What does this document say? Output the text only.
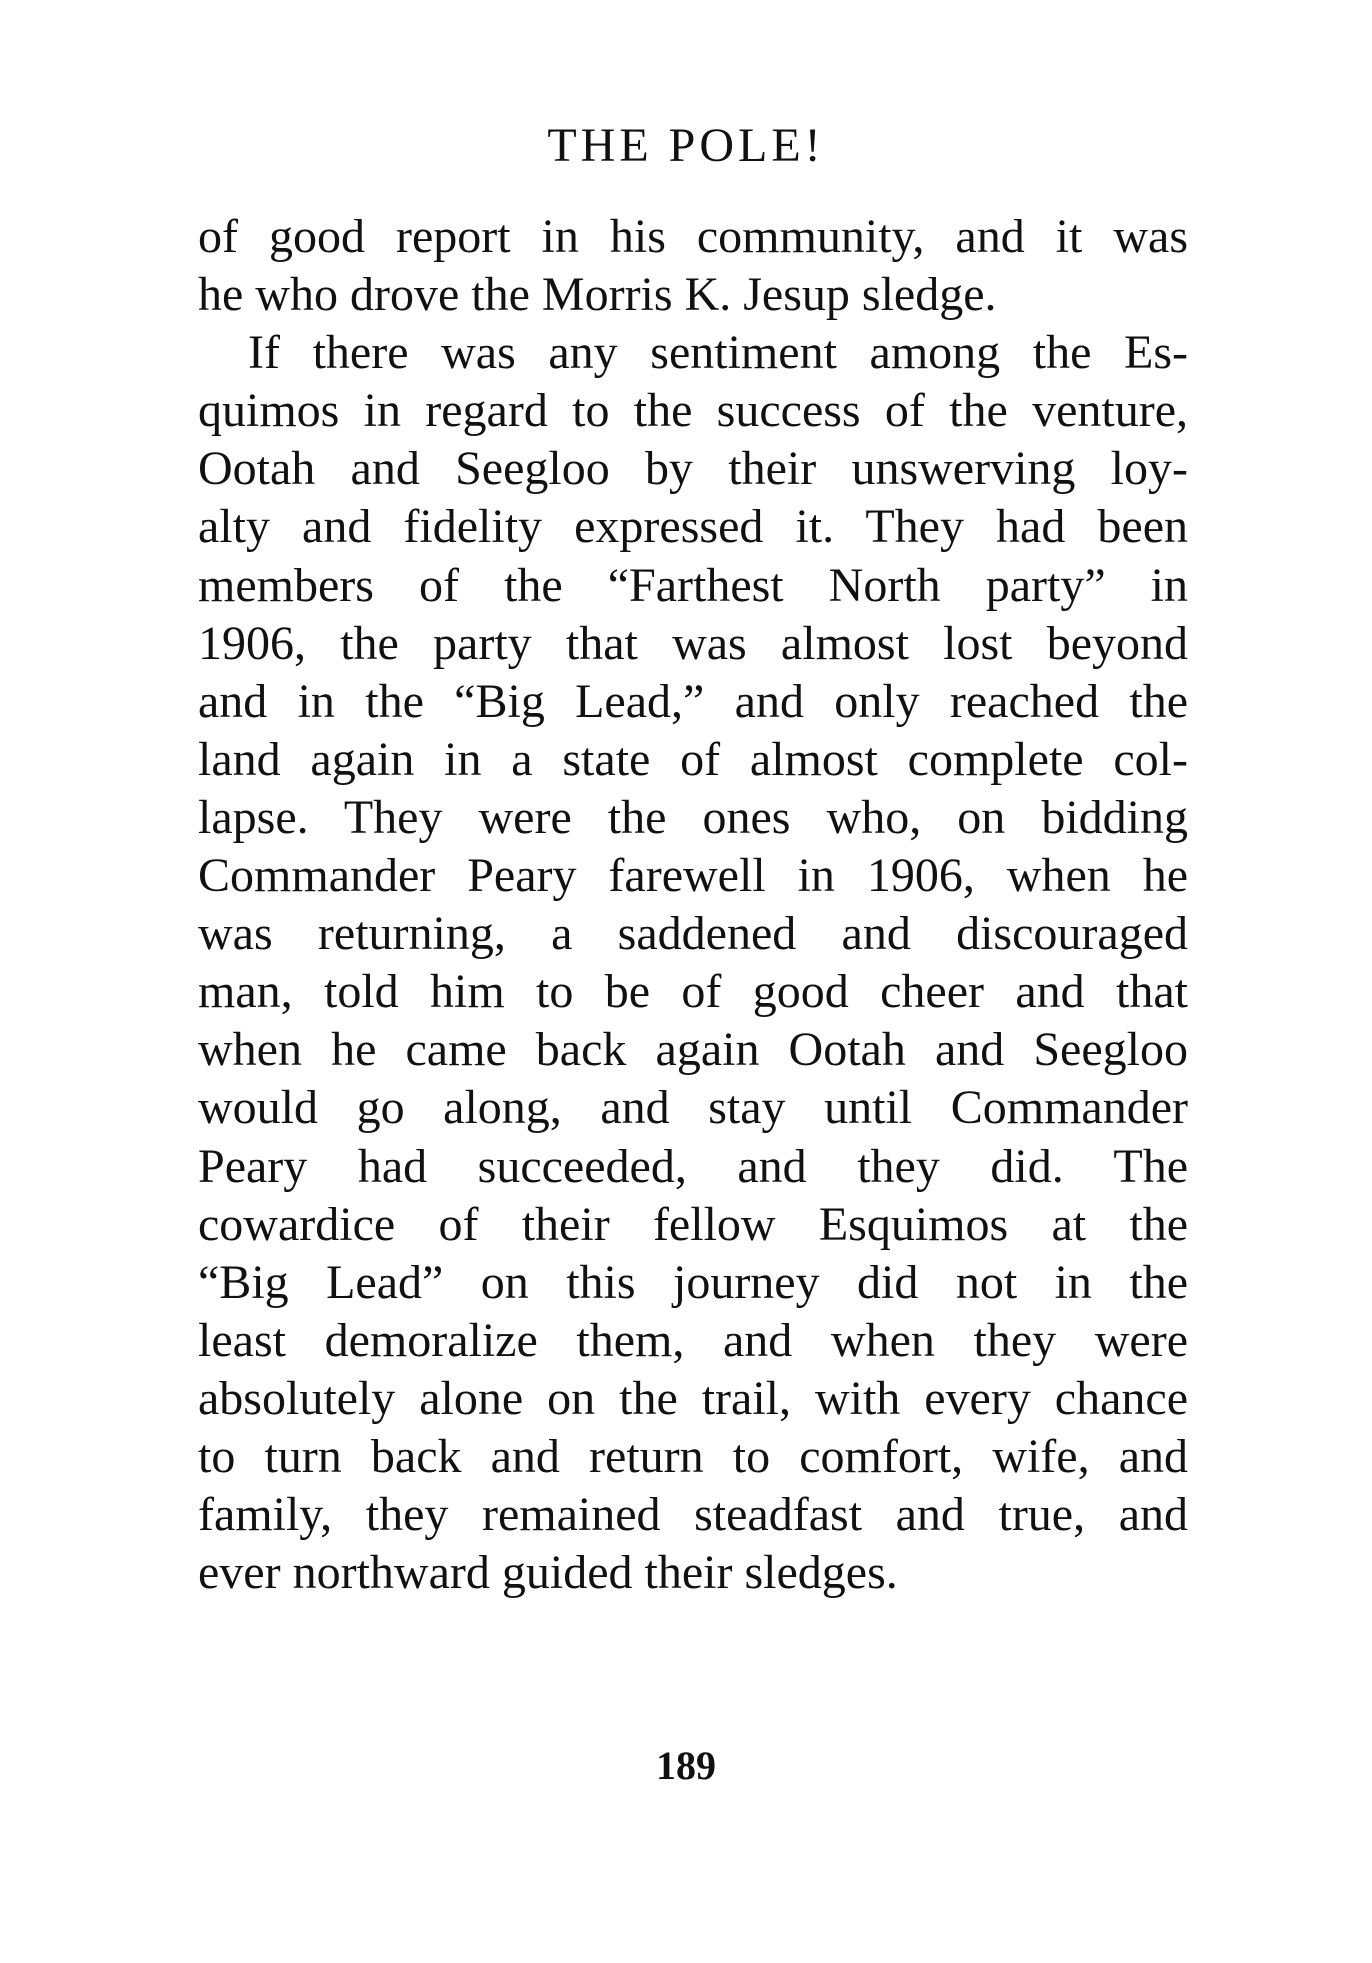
THE POLE!
of good report in his community, and it was
he who drove the Morris K. Jesup sledge.
If there was any sentiment among the Es-
quimos in regard to the success of the venture,
Ootah and Seegloo by their unswerving loy-
alty and fidelity expressed it. They had been
members of the “Farthest North party” in
1906, the party that was almost lost beyond
and in the “Big Lead,” and only reached the
land again in a state of almost complete col-
lapse. They were the ones who, on bidding
Commander Peary farewell in 1906, when he
was returning, a saddened and discouraged
man, told him to be of good cheer and that
when he came back again Ootah and Seegloo
would go along, and stay until Commander
Peary had succeeded, and they did. The
cowardice of their fellow Esquimos at the
“Big Lead” on this journey did not in the
least demoralize them, and when they were
absolutely alone on the trail, with every chance
to turn back and return to comfort, wife, and
family, they remained steadfast and true, and
ever northward guided their sledges.
189
